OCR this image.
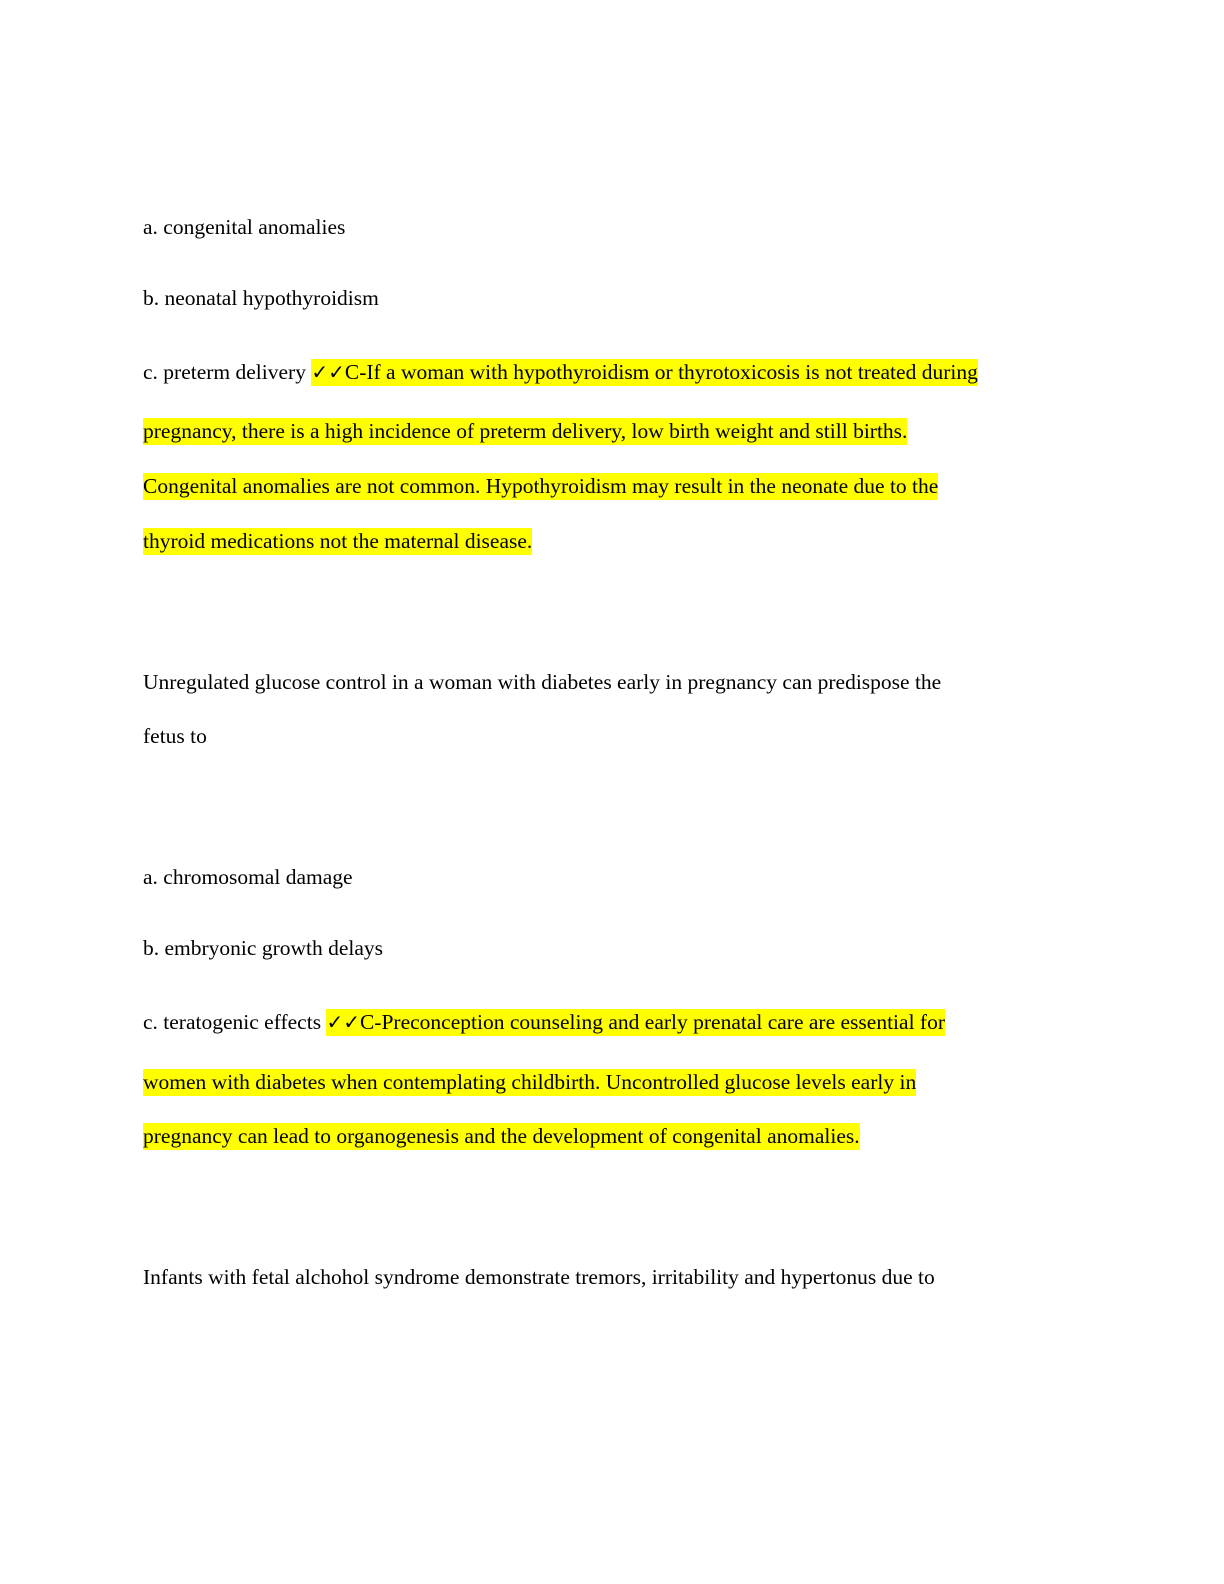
a. congenital anomalies
b. neonatal hypothyroidism
c. preterm delivery ✓✓C-If a woman with hypothyroidism or thyrotoxicosis is not treated during
pregnancy, there is a high incidence of preterm delivery, low birth weight and still births.
Congenital anomalies are not common. Hypothyroidism may result in the neonate due to the
thyroid medications not the maternal disease.
Unregulated glucose control in a woman with diabetes early in pregnancy can predispose the
fetus to
a. chromosomal damage
b. embryonic growth delays
c. teratogenic effects ✓✓C-Preconception counseling and early prenatal care are essential for
women with diabetes when contemplating childbirth. Uncontrolled glucose levels early in
pregnancy can lead to organogenesis and the development of congenital anomalies.
Infants with fetal alchohol syndrome demonstrate tremors, irritability and hypertonus due to
